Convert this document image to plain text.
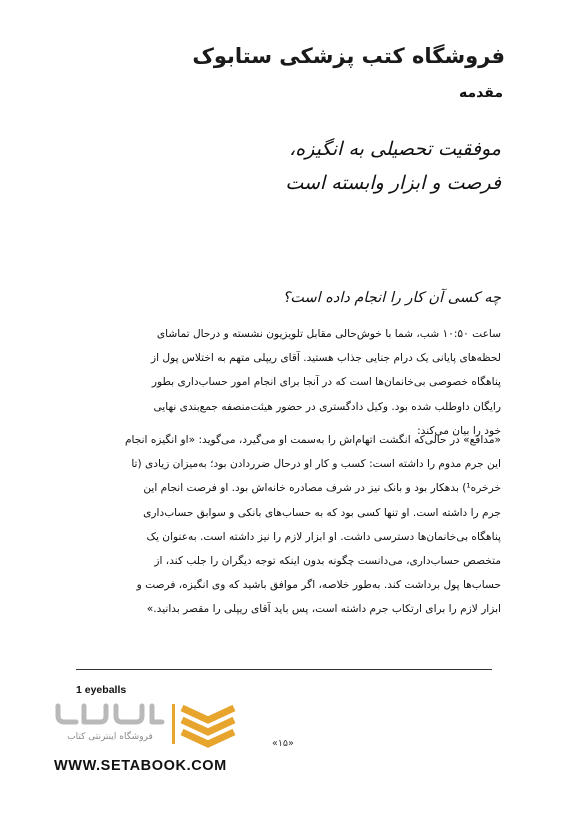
فروشگاه کتب پزشکی ستابوک
مقدمه
موفقیت تحصیلی به انگیزه،
فرصت و ابزار وابسته است
چه کسی آن کار را انجام داده است؟
ساعت ۱۰:۵۰ شب، شما با خوش‌حالی مقابل تلویزیون نشسته و درحال تماشای
لحظه‌های پایانی یک درام جنایی جذاب هستید. آقای ریپلی متهم به اختلاس پول از
پناهگاه خصوصی بی‌خانمان‌ها است که در آنجا برای انجام امور حساب‌داری بطور
رایگان داوطلب شده بود. وکیل دادگستری در حضور هیئت‌منصفه جمع‌بندی نهایی
خود را بیان می‌کند:
«مدافع» در حالی‌که انگشت اتهام‌اش را به‌سمت او می‌گیرد، می‌گوید: «او انگیزه انجام
این جرم مدوم را داشته است: کسب و کار او درحال ضرردادن بود؛ به‌میزان زیادی (تا
خرخره¹) بدهکار بود و بانک نیز در شرف مصادره خانه‌اش بود. او فرصت انجام این
جرم را داشته است. او تنها کسی بود که به حساب‌های بانکی و سوابق حساب‌داری
پناهگاه بی‌خانمان‌ها دسترسی داشت. او ابزار لازم را نیز داشته است. به‌عنوان یک
متخصص حساب‌داری، می‌دانست چگونه بدون اینکه توجه دیگران را جلب کند، از
حساب‌ها پول برداشت کند. به‌طور خلاصه، اگر موافق باشید که وی انگیزه، فرصت و
ابزار لازم را برای ارتکاب جرم داشته است، پس باید آقای ریپلی را مقصر بدانید.»
1 eyeballs
فروشگاه اینترنتی کتاب
«۱۵»
WWW.SETABOOK.COM
